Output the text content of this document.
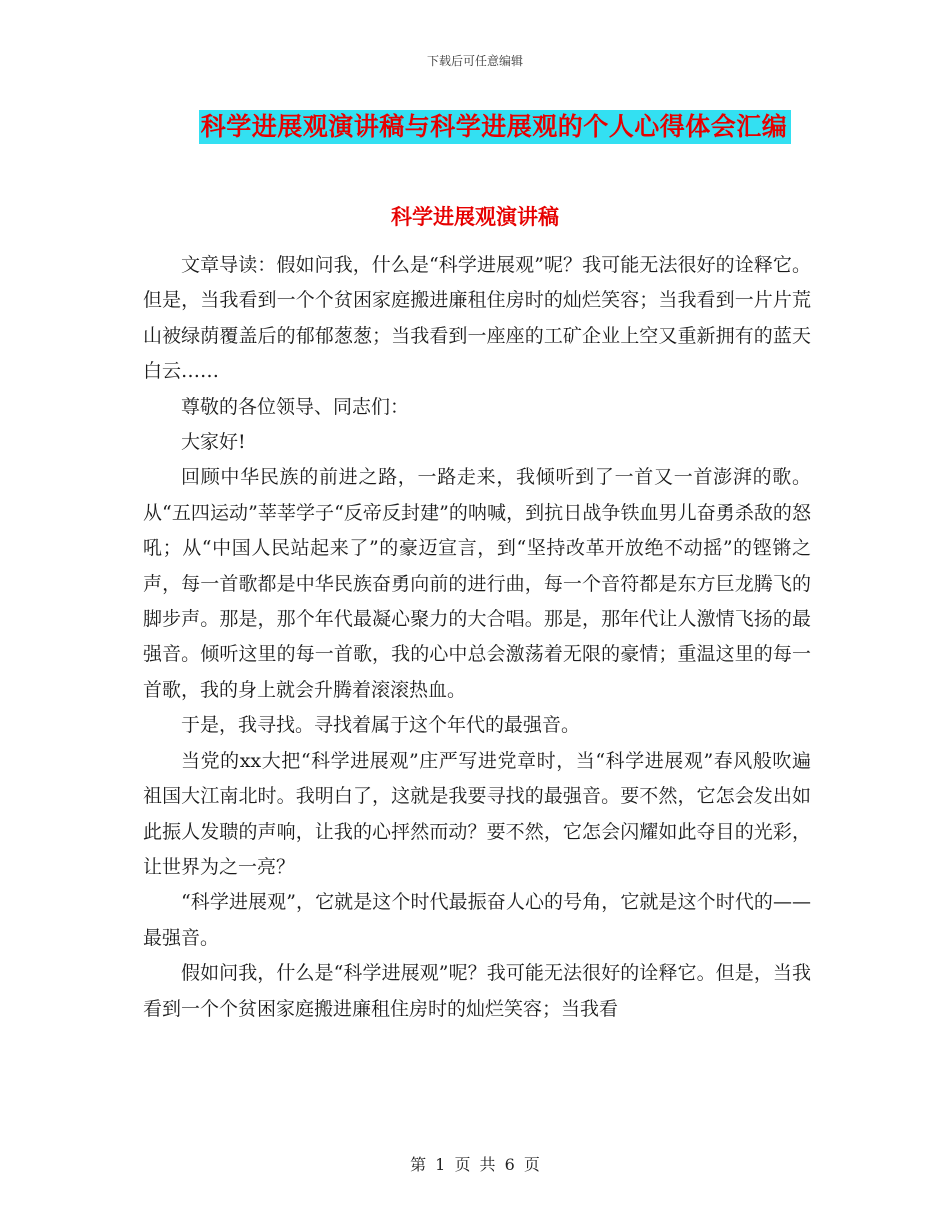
下载后可任意编辑
科学进展观演讲稿与科学进展观的个人心得体会汇编
科学进展观演讲稿

文章导读：假如问我，什么是“科学进展观”呢？我可能无法很好的诠释它。但是，当我看到一个个贫困家庭搬进廉租住房时的灿烂笑容；当我看到一片片荒山被绿荫覆盖后的郁郁葱葱；当我看到一座座的工矿企业上空又重新拥有的蓝天白云……

尊敬的各位领导、同志们：

大家好!

回顾中华民族的前进之路，一路走来，我倾听到了一首又一首澎湃的歌。从“五四运动”莘莘学子“反帝反封建”的呐喊，到抗日战争铁血男儿奋勇杀敌的怒吼；从“中国人民站起来了”的豪迈宣言，到“坚持改革开放绝不动摇”的铿锵之声，每一首歌都是中华民族奋勇向前的进行曲，每一个音符都是东方巨龙腾飞的脚步声。那是，那个年代最凝心聚力的大合唱。那是，那年代让人激情飞扬的最强音。倾听这里的每一首歌，我的心中总会激荡着无限的豪情；重温这里的每一首歌，我的身上就会升腾着滚滚热血。

于是，我寻找。寻找着属于这个年代的最强音。

当党的xx大把“科学进展观”庄严写进党章时，当“科学进展观”春风般吹遍祖国大江南北时。我明白了，这就是我要寻找的最强音。要不然，它怎会发出如此振人发聩的声响，让我的心抨然而动？要不然，它怎会闪耀如此夺目的光彩，让世界为之一亮？

“科学进展观”，它就是这个时代最振奋人心的号角，它就是这个时代的——最强音。

假如问我，什么是“科学进展观”呢？我可能无法很好的诠释它。但是，当我看到一个个贫困家庭搬进廉租住房时的灿烂笑容；当我看

第 1 页 共 6 页
